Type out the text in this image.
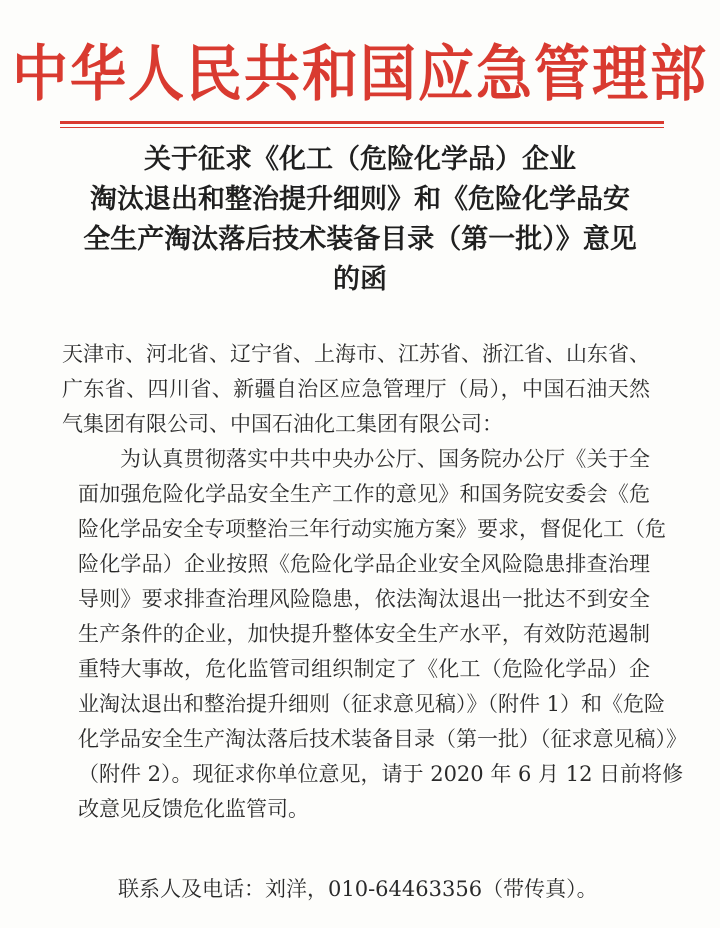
中华人民共和国应急管理部
关于征求《化工（危险化学品）企业
淘汰退出和整治提升细则》和《危险化学品安
全生产淘汰落后技术装备目录（第一批）》意见
的函
天津市、河北省、辽宁省、上海市、江苏省、浙江省、山东省、
广东省、四川省、新疆自治区应急管理厅（局），中国石油天然
气集团有限公司、中国石油化工集团有限公司：
为认真贯彻落实中共中央办公厅、国务院办公厅《关于全
面加强危险化学品安全生产工作的意见》和国务院安委会《危
险化学品安全专项整治三年行动实施方案》要求，督促化工（危
险化学品）企业按照《危险化学品企业安全风险隐患排查治理
导则》要求排查治理风险隐患，依法淘汰退出一批达不到安全
生产条件的企业，加快提升整体安全生产水平，有效防范遏制
重特大事故，危化监管司组织制定了《化工（危险化学品）企
业淘汰退出和整治提升细则（征求意见稿）》（附件 1）和《危险
化学品安全生产淘汰落后技术装备目录（第一批）（征求意见稿）》
（附件 2）。现征求你单位意见，请于 2020 年 6 月 12 日前将修
改意见反馈危化监管司。
联系人及电话：刘洋，010-64463356（带传真）。
